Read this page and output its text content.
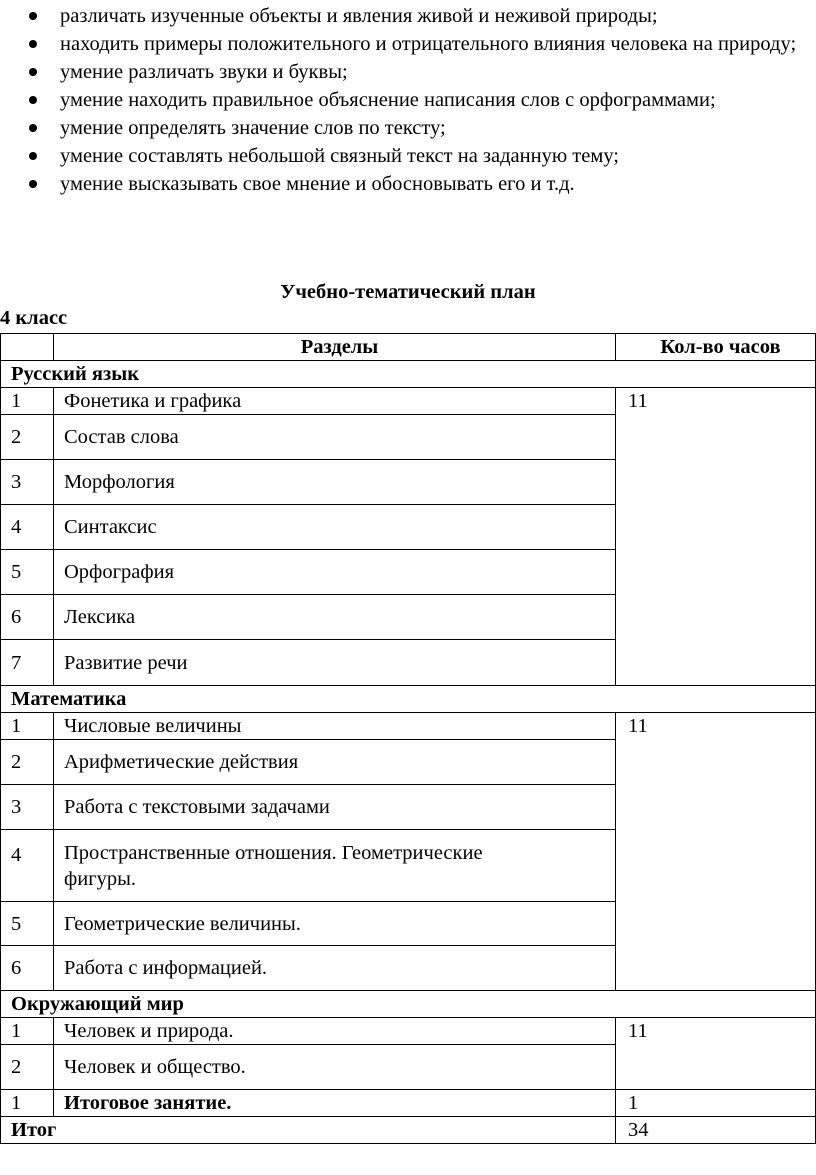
различать изученные объекты и явления живой и неживой природы;
находить примеры положительного и отрицательного влияния человека на природу;
умение различать звуки и буквы;
умение находить правильное объяснение написания слов с орфограммами;
умение определять значение слов по тексту;
умение составлять небольшой связный текст на заданную тему;
умение высказывать свое мнение и обосновывать его и т.д.
Учебно-тематический план
4 класс
	Разделы	Кол-во часов
Русский язык		
1	Фонетика и графика	11
2	Состав слова	
3	Морфология	
4	Синтаксис	
5	Орфография	
6	Лексика	
7	Развитие речи	
Математика		
1	Числовые величины	11
2	Арифметические действия	
3	Работа с текстовыми задачами	
4	Пространственные отношения. Геометрические фигуры.	
5	Геометрические величины.	
6	Работа с информацией.	
Окружающий мир		
1	Человек и природа.	11
2	Человек и общество.	
1	Итоговое занятие.	1
Итог		34
